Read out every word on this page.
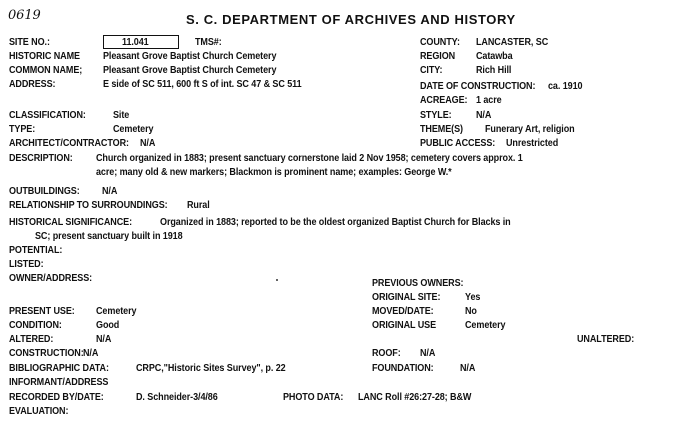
0619	S. C. DEPARTMENT OF ARCHIVES AND HISTORY
SITE NO.:	11.041	TMS#:
HISTORIC NAME Pleasant Grove Baptist Church Cemetery
COMMON NAME; Pleasant Grove Baptist Church Cemetery
ADDRESS:	E side of SC 511, 600 ft S of int. SC 47 & SC 511
COUNTY: LANCASTER, SC
REGION Catawba
CITY:	Rich Hill
DATE OF CONSTRUCTION: ca. 1910
ACREAGE: 1 acre
CLASSIFICATION:	Site	STYLE: N/A
TYPE:	Cemetery	THEME(S) Funerary Art, religion
ARCHITECT/CONTRACTOR: N/A	PUBLIC ACCESS: Unrestricted
DESCRIPTION: Church organized in 1883; present sanctuary cornerstone laid 2 Nov 1958; cemetery covers approx. 1
acre; many old & new markers; Blackmon is prominent name; examples: George W.*
OUTBUILDINGS: N/A
RELATIONSHIP TO SURROUNDINGS: Rural
HISTORICAL SIGNIFICANCE:	Organized in 1883; reported to be the oldest organized Baptist Church for Blacks in
SC; present sanctuary built in 1918
POTENTIAL:
LISTED:
OWNER/ADDRESS:	PREVIOUS OWNERS:
ORIGINAL SITE: Yes
PRESENT USE: Cemetery	MOVED/DATE:	No
CONDITION:	Good	ORIGINAL USE	Cemetery
ALTERED:	N/A	UNALTERED:
CONSTRUCTION: N/A	ROOF: N/A
BIBLIOGRAPHIC DATA:	CRPC,"Historic Sites Survey", p. 22	FOUNDATION:	N/A
INFORMANT/ADDRESS
RECORDED BY/DATE:	D. Schneider-3/4/86	PHOTO DATA: LANC Roll #26:27-28; B&W
EVALUATION:
